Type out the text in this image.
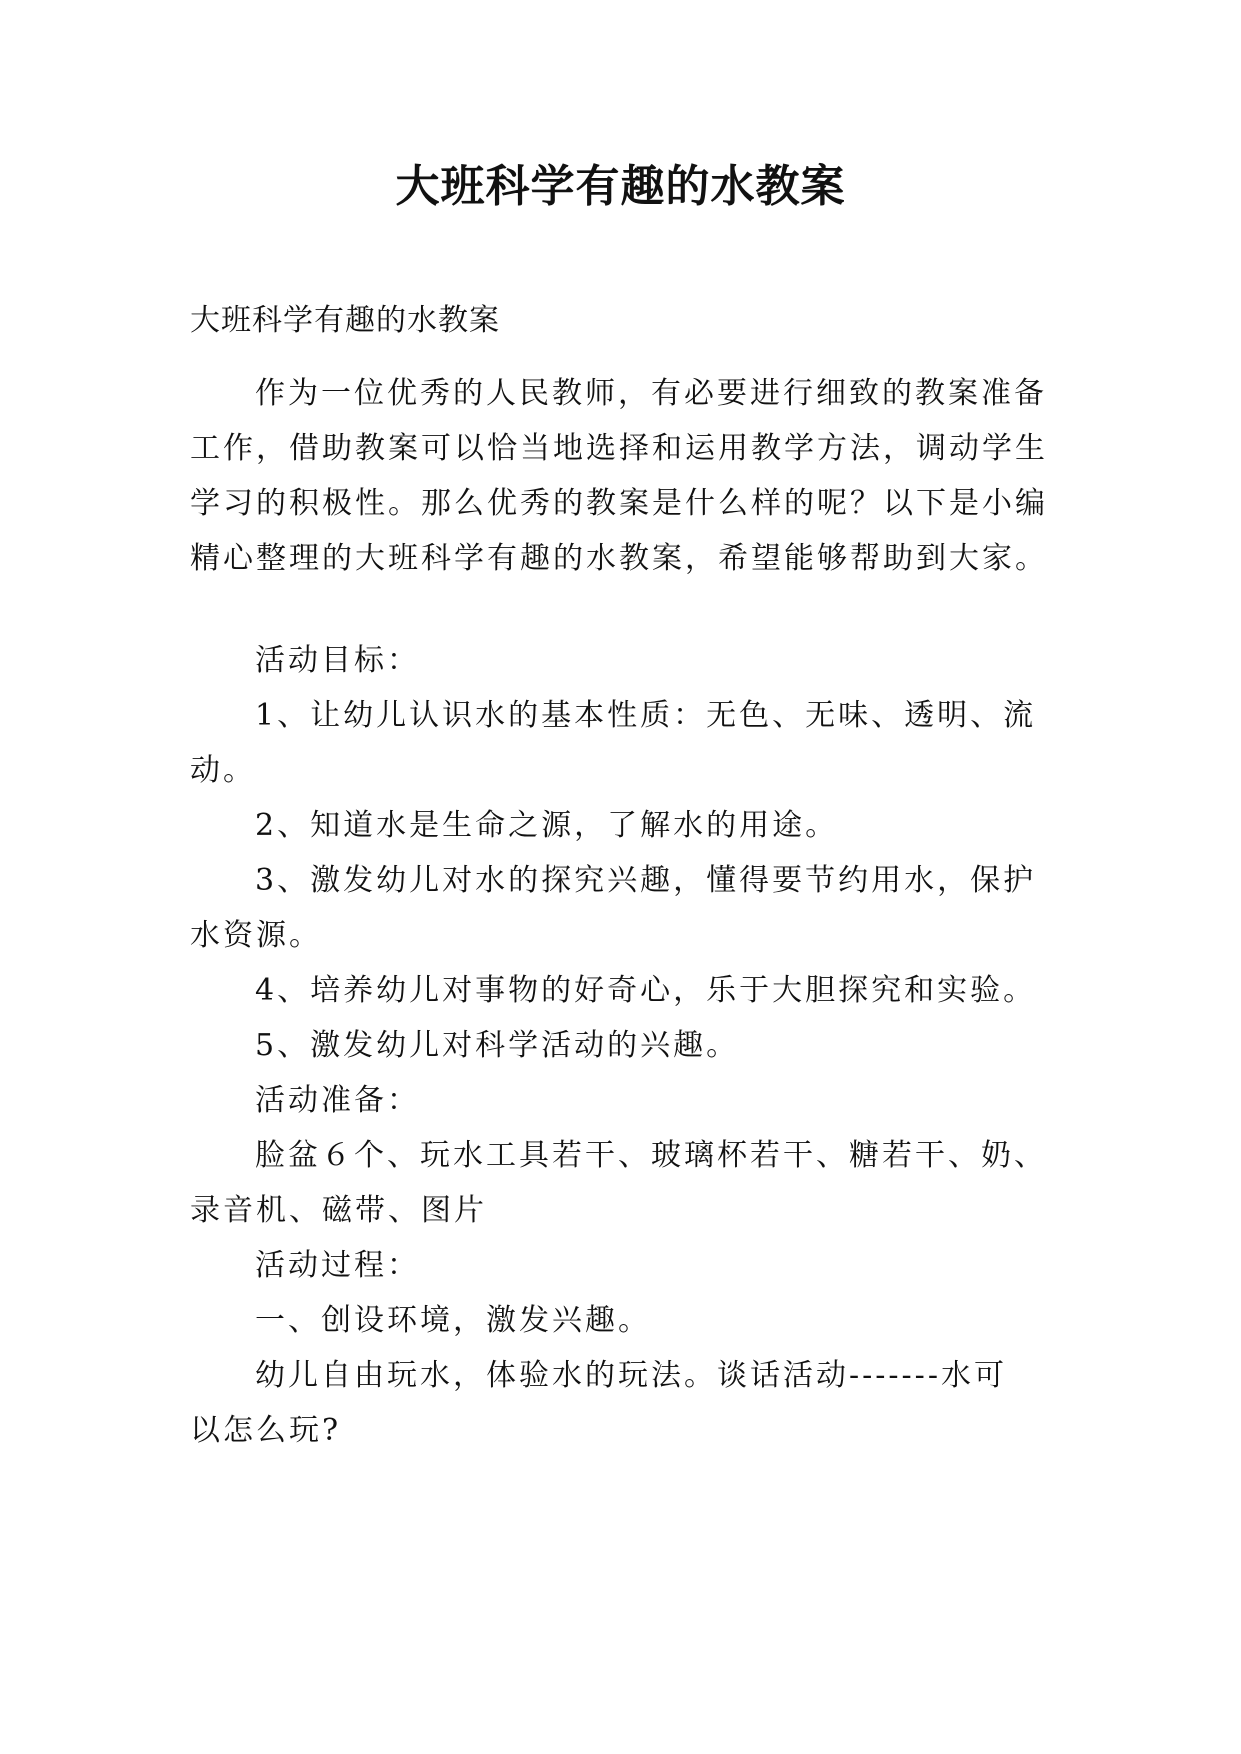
大班科学有趣的水教案
大班科学有趣的水教案
作为一位优秀的人民教师，有必要进行细致的教案准备
工作，借助教案可以恰当地选择和运用教学方法，调动学生
学习的积极性。那么优秀的教案是什么样的呢？以下是小编
精心整理的大班科学有趣的水教案，希望能够帮助到大家。
活动目标：
1、让幼儿认识水的基本性质：无色、无味、透明、流
动。
2、知道水是生命之源，了解水的用途。
3、激发幼儿对水的探究兴趣，懂得要节约用水，保护
水资源。
4、培养幼儿对事物的好奇心，乐于大胆探究和实验。
5、激发幼儿对科学活动的兴趣。
活动准备：
脸盆６个、玩水工具若干、玻璃杯若干、糖若干、奶、
录音机、磁带、图片
活动过程：
一、创设环境，激发兴趣。
幼儿自由玩水，体验水的玩法。谈话活动-------水可
以怎么玩?
